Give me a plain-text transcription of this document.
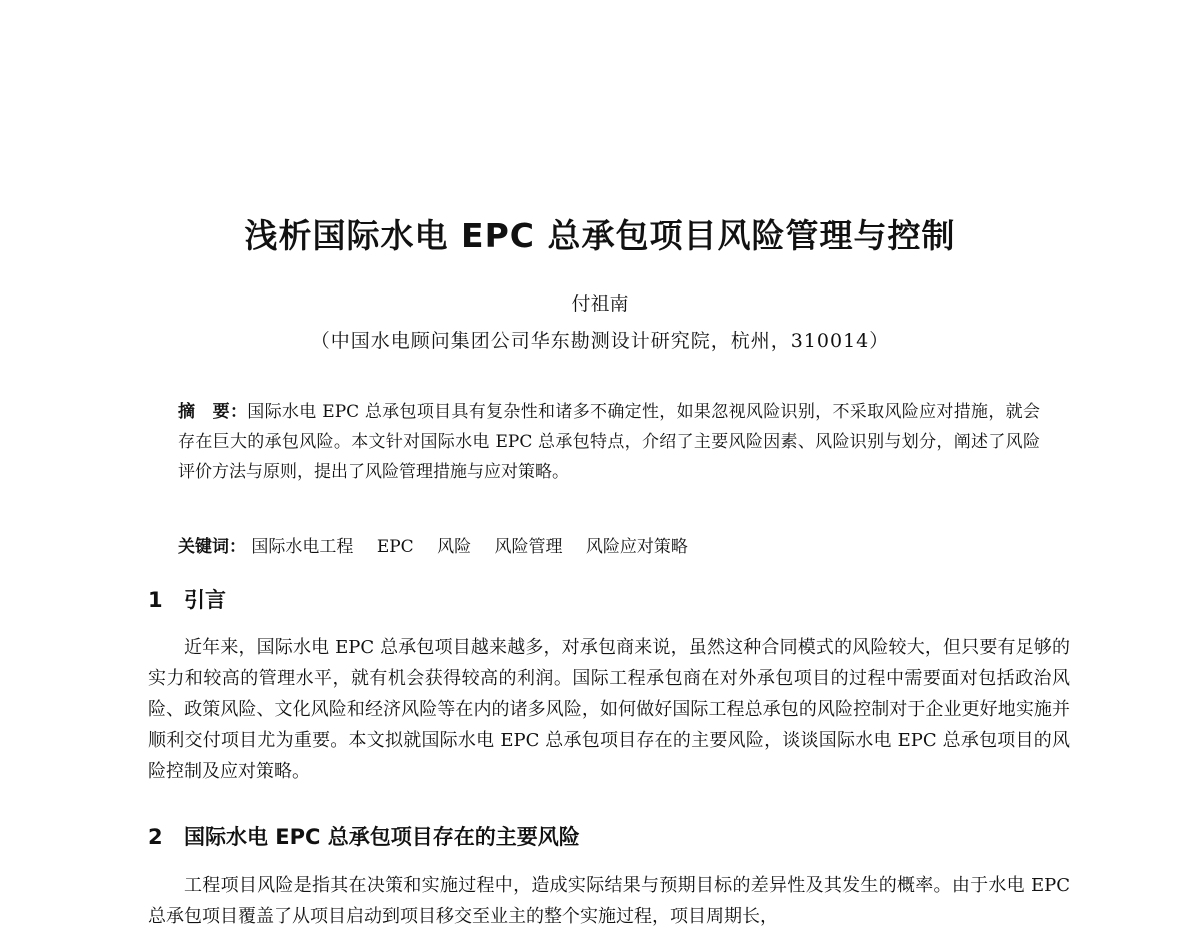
浅析国际水电 EPC 总承包项目风险管理与控制
付祖南
（中国水电顾问集团公司华东勘测设计研究院，杭州，310014）
摘　要：国际水电 EPC 总承包项目具有复杂性和诸多不确定性，如果忽视风险识别，不采取风险应对措施，就会存在巨大的承包风险。本文针对国际水电 EPC 总承包特点，介绍了主要风险因素、风险识别与划分，阐述了风险评价方法与原则，提出了风险管理措施与应对策略。
关键词： 国际水电工程 EPC 风险 风险管理 风险应对策略
1 引言
近年来，国际水电 EPC 总承包项目越来越多，对承包商来说，虽然这种合同模式的风险较大，但只要有足够的实力和较高的管理水平，就有机会获得较高的利润。国际工程承包商在对外承包项目的过程中需要面对包括政治风险、政策风险、文化风险和经济风险等在内的诸多风险，如何做好国际工程总承包的风险控制对于企业更好地实施并顺利交付项目尤为重要。本文拟就国际水电 EPC 总承包项目存在的主要风险，谈谈国际水电 EPC 总承包项目的风险控制及应对策略。
2 国际水电 EPC 总承包项目存在的主要风险
工程项目风险是指其在决策和实施过程中，造成实际结果与预期目标的差异性及其发生的概率。由于水电 EPC 总承包项目覆盖了从项目启动到项目移交至业主的整个实施过程，项目周期长，
